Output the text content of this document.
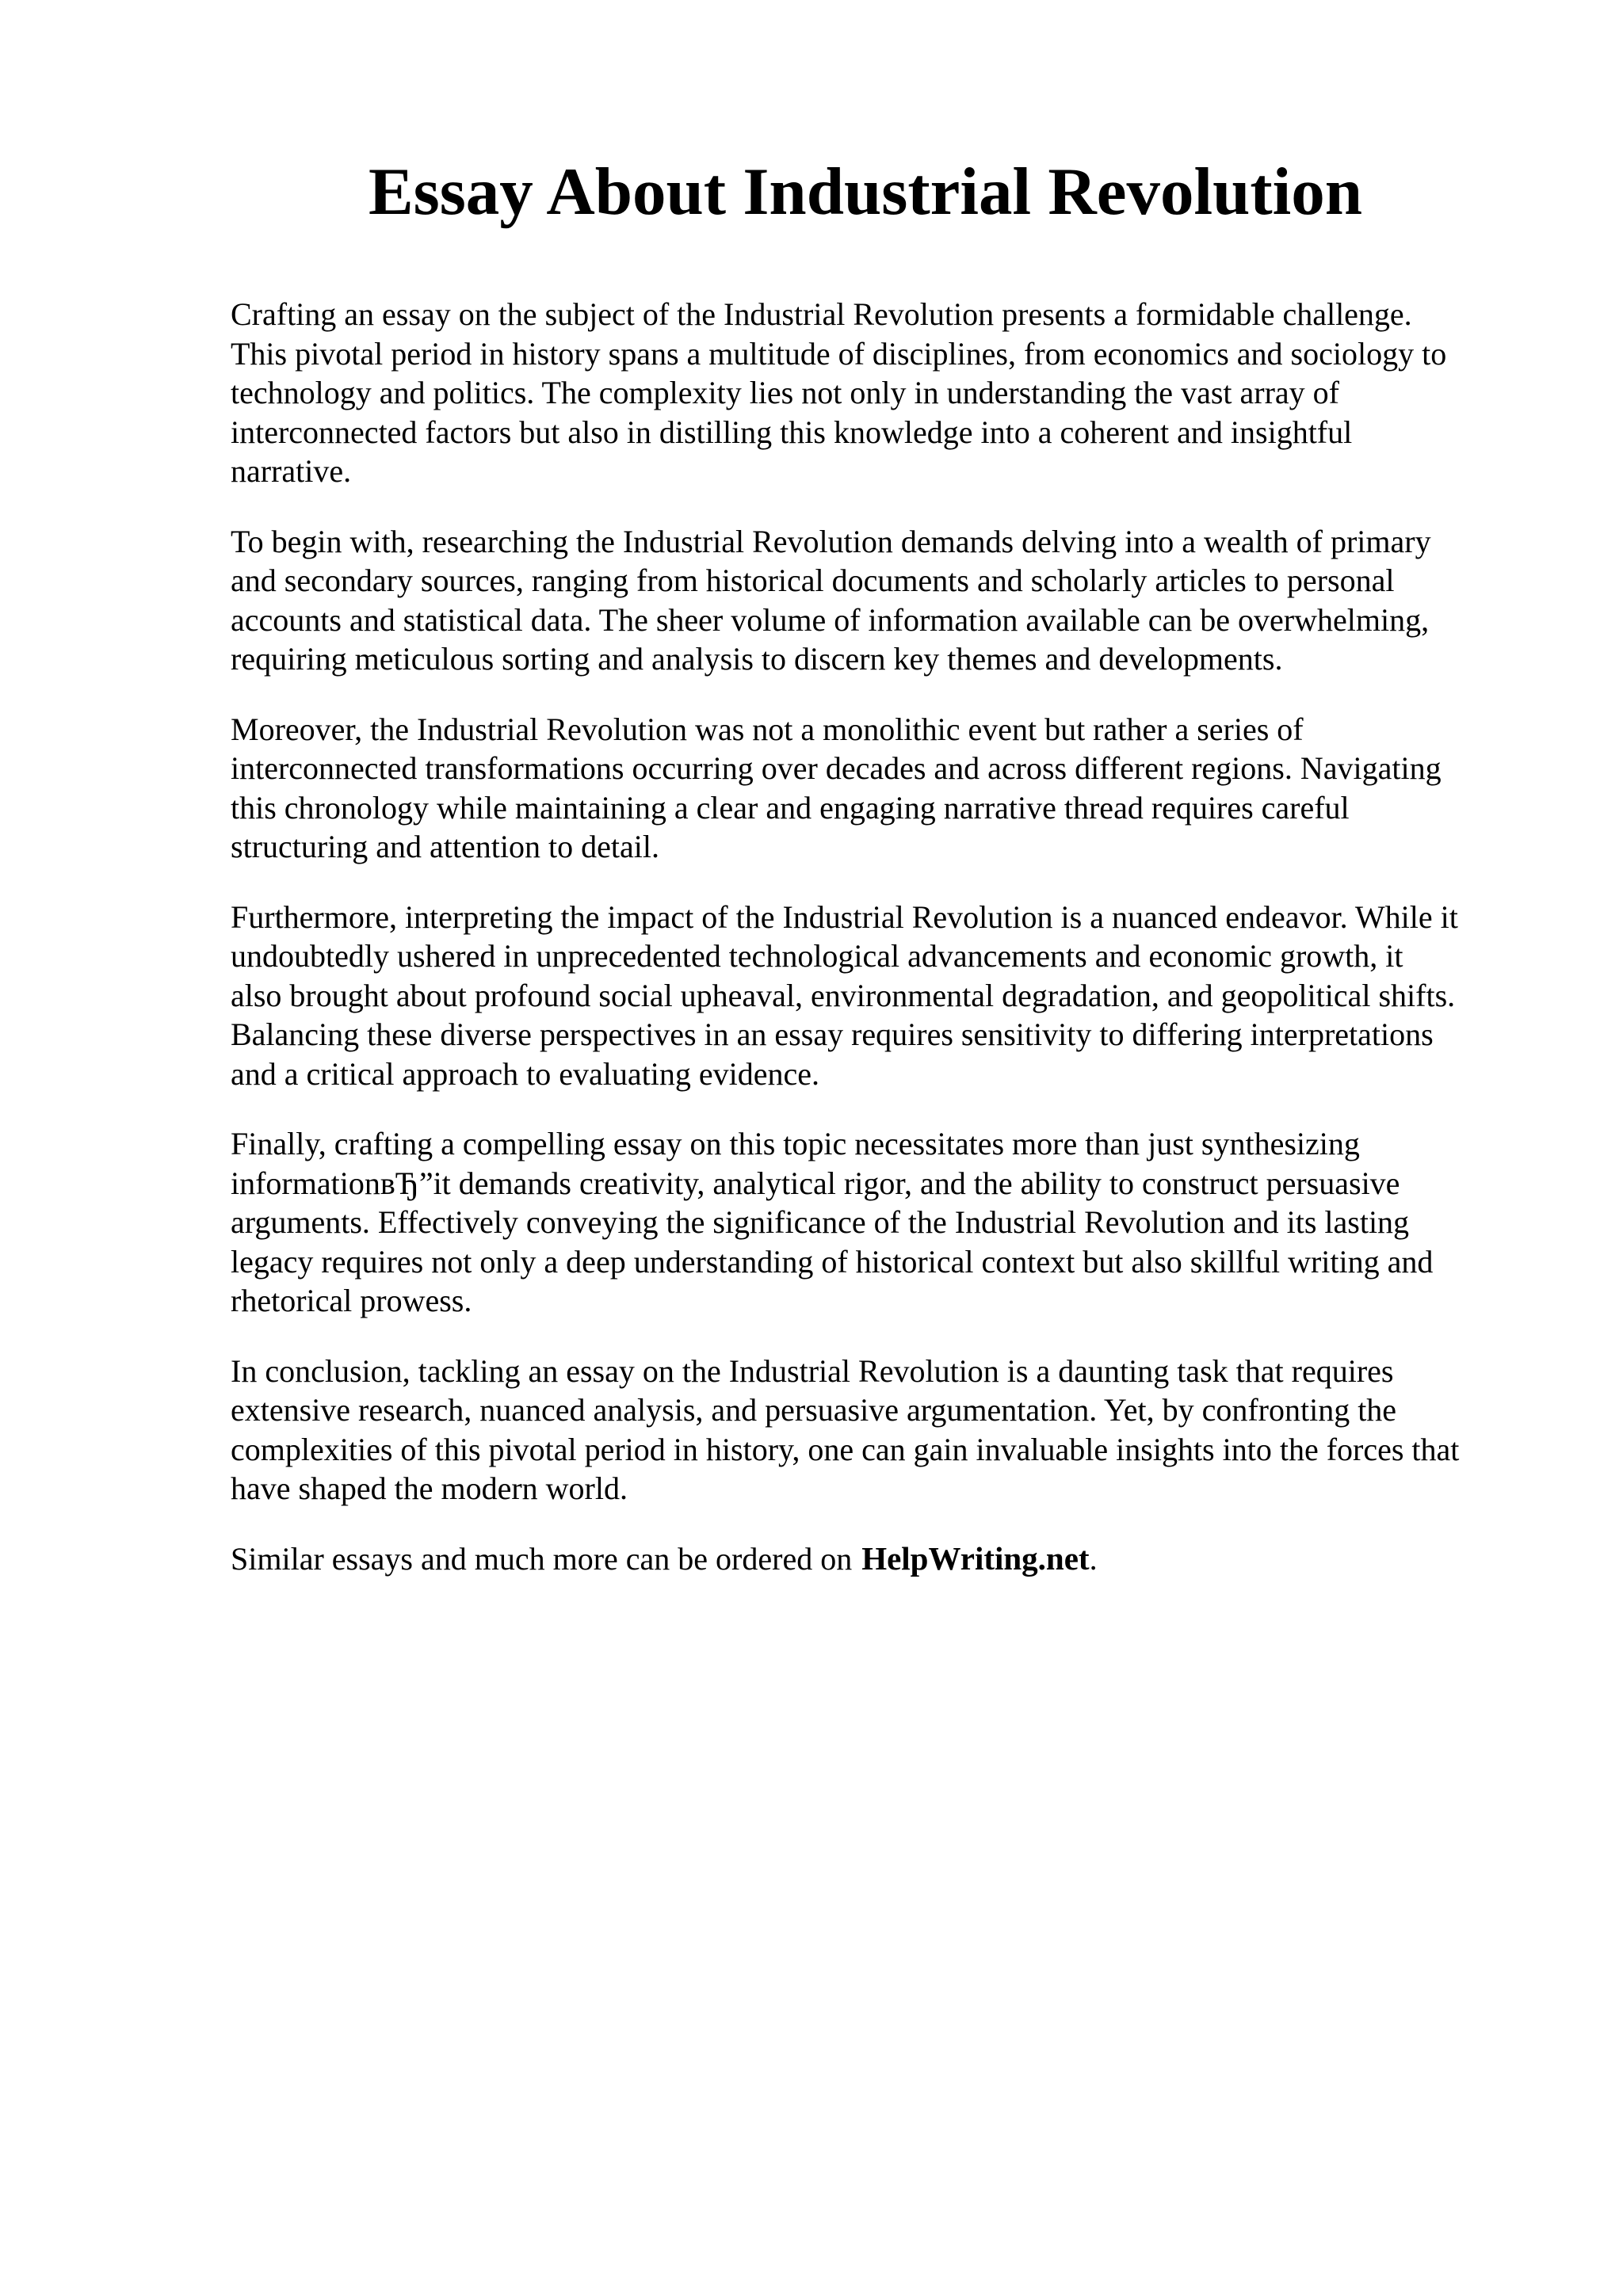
Essay About Industrial Revolution

Crafting an essay on the subject of the Industrial Revolution presents a formidable challenge.
This pivotal period in history spans a multitude of disciplines, from economics and sociology to
technology and politics. The complexity lies not only in understanding the vast array of
interconnected factors but also in distilling this knowledge into a coherent and insightful
narrative.

To begin with, researching the Industrial Revolution demands delving into a wealth of primary
and secondary sources, ranging from historical documents and scholarly articles to personal
accounts and statistical data. The sheer volume of information available can be overwhelming,
requiring meticulous sorting and analysis to discern key themes and developments.

Moreover, the Industrial Revolution was not a monolithic event but rather a series of
interconnected transformations occurring over decades and across different regions. Navigating
this chronology while maintaining a clear and engaging narrative thread requires careful
structuring and attention to detail.

Furthermore, interpreting the impact of the Industrial Revolution is a nuanced endeavor. While it
undoubtedly ushered in unprecedented technological advancements and economic growth, it
also brought about profound social upheaval, environmental degradation, and geopolitical shifts.
Balancing these diverse perspectives in an essay requires sensitivity to differing interpretations
and a critical approach to evaluating evidence.

Finally, crafting a compelling essay on this topic necessitates more than just synthesizing
informationвЂ”it demands creativity, analytical rigor, and the ability to construct persuasive
arguments. Effectively conveying the significance of the Industrial Revolution and its lasting
legacy requires not only a deep understanding of historical context but also skillful writing and
rhetorical prowess.

In conclusion, tackling an essay on the Industrial Revolution is a daunting task that requires
extensive research, nuanced analysis, and persuasive argumentation. Yet, by confronting the
complexities of this pivotal period in history, one can gain invaluable insights into the forces that
have shaped the modern world.

Similar essays and much more can be ordered on HelpWriting.net.
